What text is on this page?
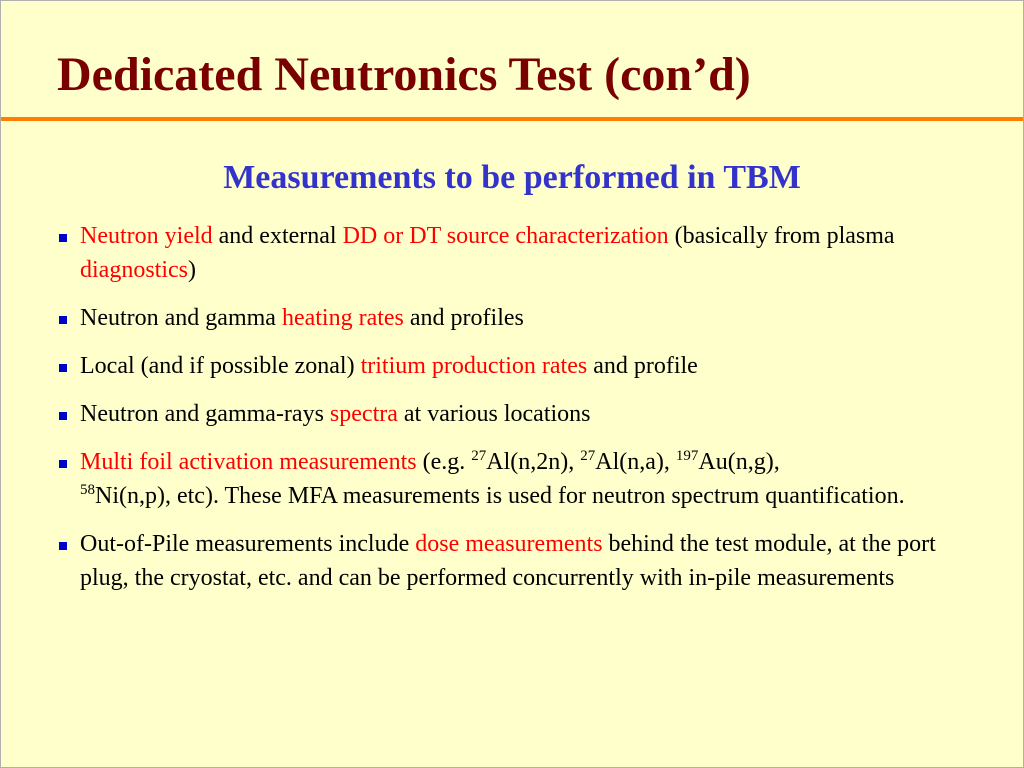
Dedicated Neutronics Test (con’d)
Measurements to be performed in TBM
Neutron yield and external DD or DT source characterization (basically from plasma diagnostics)
Neutron and gamma heating rates and profiles
Local (and if possible zonal) tritium production rates and profile
Neutron and gamma-rays spectra at various locations
Multi foil activation measurements (e.g. $^{27}$Al(n,2n), $^{27}$Al(n,a), $^{197}$Au(n,g),
$^{58}$Ni(n,p), etc). These MFA measurements is used for neutron spectrum quantification.
Out-of-Pile measurements include dose measurements behind the test module, at the port plug, the cryostat, etc. and can be performed concurrently with in-pile measurements
